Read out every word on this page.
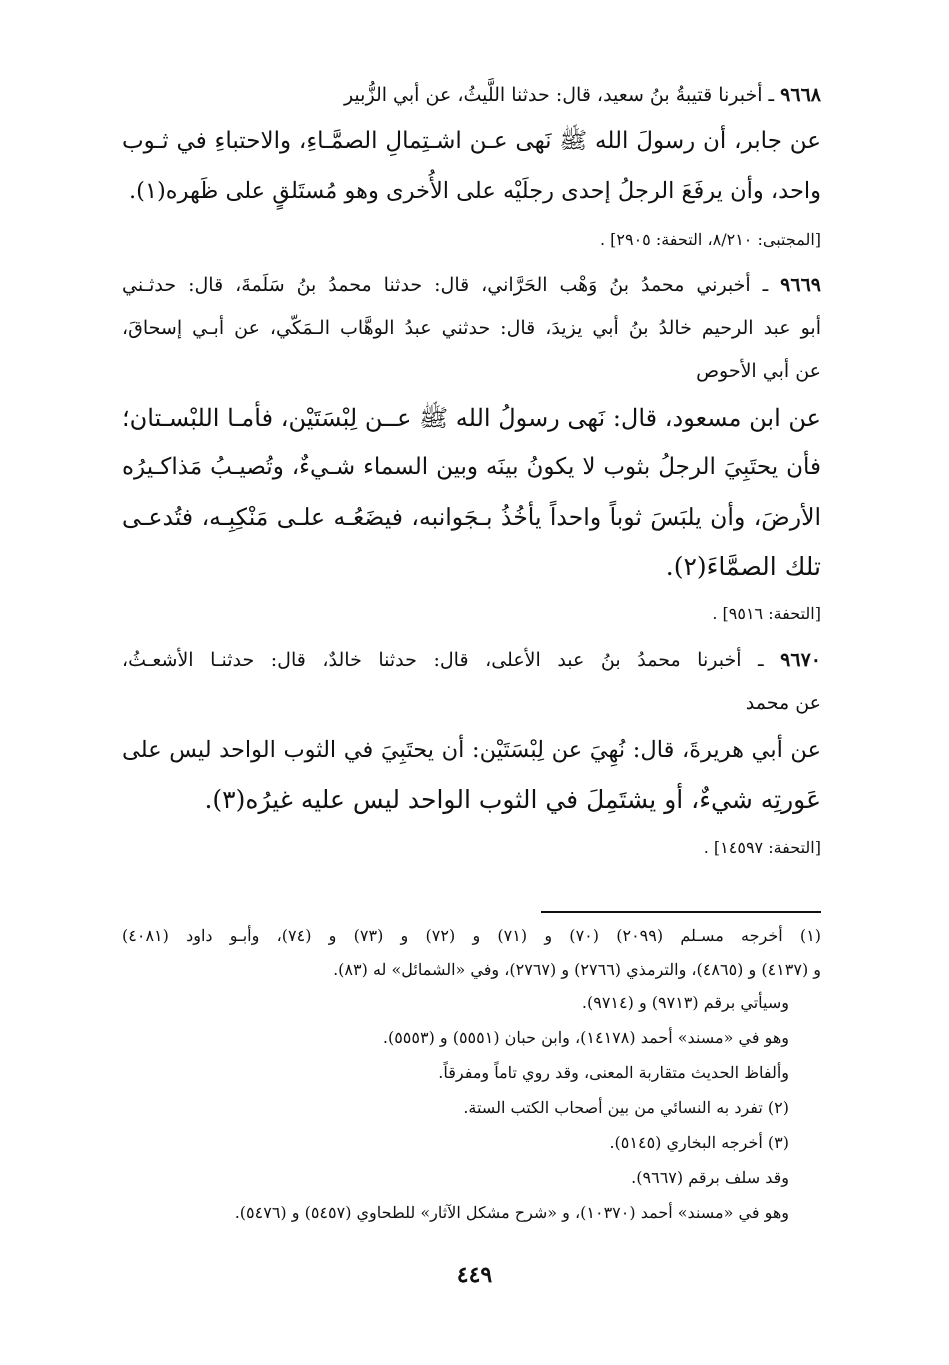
٩٦٦٨ ـ أخبرنا قتيبةُ بنُ سعيد، قال: حدثنا اللَّيثُ، عن أبي الزُّبير
عن جابر، أن رسولَ الله ﷺ نَهى عـن اشـتِمالِ الصمَّـاءِ، والاحتباءِ في ثـوب
واحد، وأن يرفَعَ الرجلُ إحدى رجلَيْه على الأُخرى وهو مُستَلقٍ على ظَهره(١).
[المجتبى: ٨/٢١٠، التحفة: ٢٩٠٥] .
٩٦٦٩ ـ أخبرني محمدُ بنُ وَهْب الحَرَّاني، قال: حدثنا محمدُ بنُ سَلَمةَ، قال: حدثـني
أبو عبد الرحيم خالدُ بنُ أبي يزيدَ، قال: حدثني عبدُ الوهَّاب الـمَكّي، عن أبـي إسحاقَ،
عن أبي الأحوص
عن ابن مسعود، قال: نَهى رسولُ الله ﷺ عــن لِبْسَتَيْن، فأمـا اللبْسـتان؛
فأن يحتَبِيَ الرجلُ بثوب لا يكونُ بينَه وبين السماء شـيءٌ، وتُصيـبُ مَذاكـيرُه
الأرضَ، وأن يلبَسَ ثوباً واحداً يأخُذُ بـجَوانبه، فيضَعُـه علـى مَنْكِبِـه، فتُدعـى
تلك الصمَّاءَ(٢).
[التحفة: ٩٥١٦] .
٩٦٧٠ ـ أخبرنا محمدُ بنُ عبد الأعلى، قال: حدثنا خالدٌ، قال: حدثنـا الأشعـثُ،
عن محمد
عن أبي هريرةَ، قال: نُهِيَ عن لِبْسَتَيْن: أن يحتَبِيَ في الثوب الواحد ليس على
عَورتِه شيءٌ، أو يشتَمِلَ في الثوب الواحد ليس عليه غيرُه(٣).
[التحفة: ١٤٥٩٧] .
(١) أخرجه مسـلم (٢٠٩٩) (٧٠) و (٧١) و (٧٢) و (٧٣) و (٧٤)، وأبـو داود (٤٠٨١)
و (٤١٣٧) و (٤٨٦٥)، والترمذي (٢٧٦٦) و (٢٧٦٧)، وفي «الشمائل» له (٨٣).
وسيأتي برقم (٩٧١٣) و (٩٧١٤).
وهو في «مسند» أحمد (١٤١٧٨)، وابن حبان (٥٥٥١) و (٥٥٥٣).
وألفاظ الحديث متقاربة المعنى، وقد روي تاماً ومفرقاً.
(٢) تفرد به النسائي من بين أصحاب الكتب الستة.
(٣) أخرجه البخاري (٥١٤٥).
وقد سلف برقم (٩٦٦٧).
وهو في «مسند» أحمد (١٠٣٧٠)، و «شرح مشكل الآثار» للطحاوي (٥٤٥٧) و (٥٤٧٦).
٤٤٩
